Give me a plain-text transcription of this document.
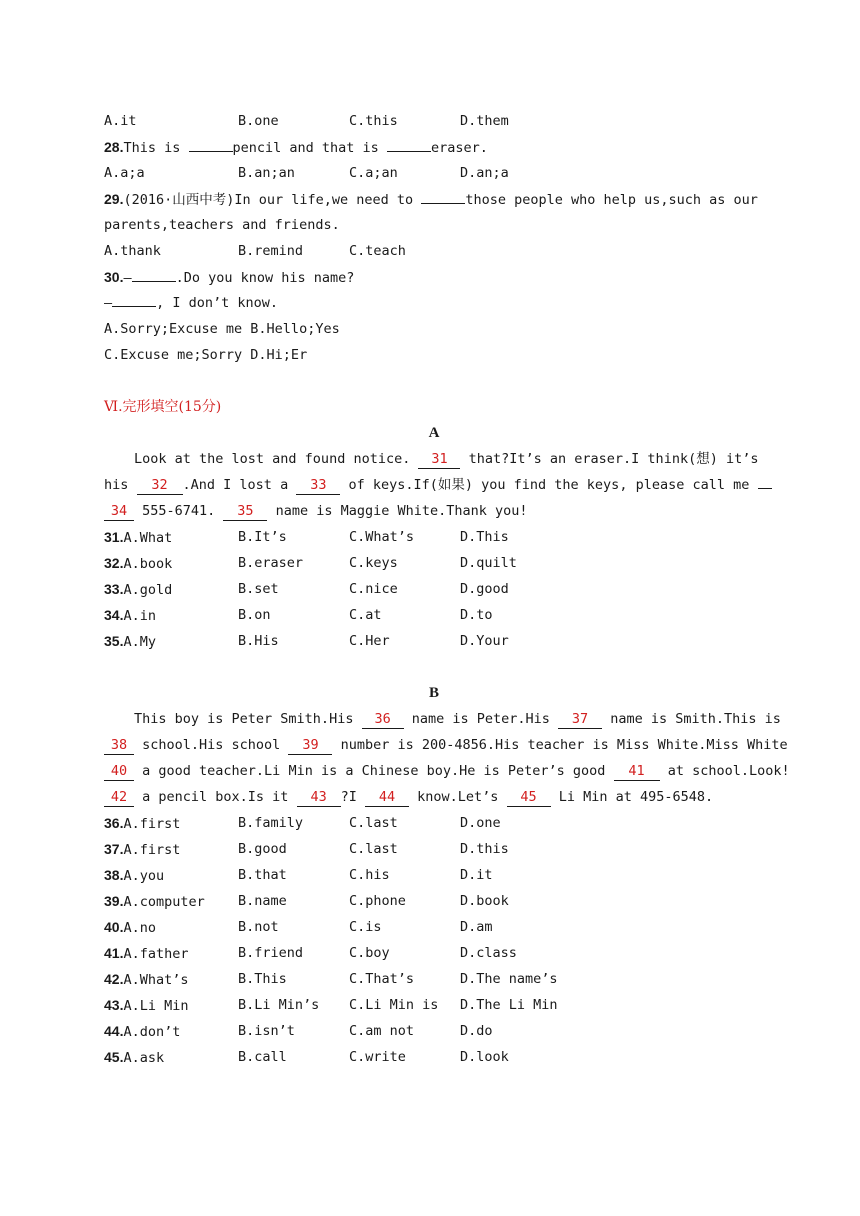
A.it	B.one	C.this	D.them
28.This is	pencil and that is	eraser.
A.a;a	B.an;an	C.a;an	D.an;a
29.(2016·山西中考)In our life,we need to	those people who help us,such as our
parents,teachers and friends.
A.thank	B.remind	C.teach
30.—	.Do you know his name?
—	, I don’t know.
A.Sorry;Excuse me B.Hello;Yes
C.Excuse me;Sorry D.Hi;Er
Ⅵ.完形填空(15分)
A
Look at the lost and found notice. 31 that?It’s an eraser.I think(想) it’s
his 32 .And I lost a 33 of keys.If(如果) you find the keys, please call me
34 555-6741. 35 name is Maggie White.Thank you!
31.A.What	B.It’s	C.What’s	D.This
32.A.book	B.eraser	C.keys	D.quilt
33.A.gold	B.set	C.nice	D.good
34.A.in	B.on	C.at	D.to
35.A.My	B.His	C.Her	D.Your
B
This boy is Peter Smith.His 36 name is Peter.His 37 name is Smith.This is
38 school.His school 39 number is 200-4856.His teacher is Miss White.Miss White
40 a good teacher.Li Min is a Chinese boy.He is Peter’s good 41 at school.Look!
42 a pencil box.Is it 43 ?I 44 know.Let’s 45 Li Min at 495-6548.
36.A.first	B.family	C.last	D.one
37.A.first	B.good	C.last	D.this
38.A.you	B.that	C.his	D.it
39.A.computer	B.name	C.phone	D.book
40.A.no	B.not	C.is	D.am
41.A.father	B.friend	C.boy	D.class
42.A.What’s	B.This	C.That’s	D.The name’s
43.A.Li Min	B.Li Min’s	C.Li Min is	D.The Li Min
44.A.don’t	B.isn’t	C.am not	D.do
45.A.ask	B.call	C.write	D.look
